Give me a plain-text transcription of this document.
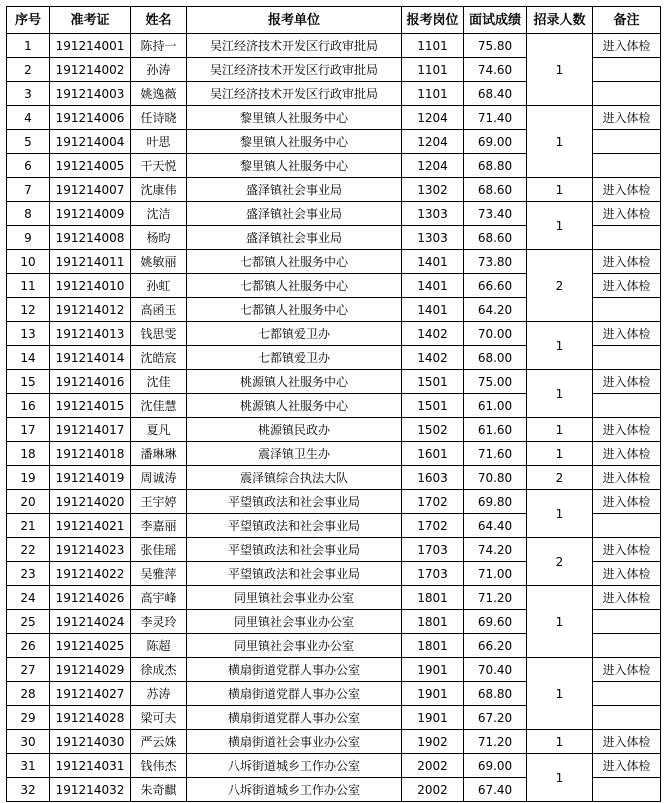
序号	准考证	姓名	报考单位	报考岗位	面试成绩	招录人数	备注
1	191214001	陈持一	吴江经济技术开发区行政审批局	1101	75.80	1	进入体检
2	191214002	孙涛	吴江经济技术开发区行政审批局	1101	74.60		
3	191214003	姚逸薇	吴江经济技术开发区行政审批局	1101	68.40		
4	191214006	任诗晓	黎里镇人社服务中心	1204	71.40	1	进入体检
5	191214004	叶思	黎里镇人社服务中心	1204	69.00		
6	191214005	干天悦	黎里镇人社服务中心	1204	68.80		
7	191214007	沈康伟	盛泽镇社会事业局	1302	68.60	1	进入体检
8	191214009	沈洁	盛泽镇社会事业局	1303	73.40	1	进入体检
9	191214008	杨昀	盛泽镇社会事业局	1303	68.60		
10	191214011	姚敏丽	七都镇人社服务中心	1401	73.80	2	进入体检
11	191214010	孙虹	七都镇人社服务中心	1401	66.60		进入体检
12	191214012	高函玉	七都镇人社服务中心	1401	64.20		
13	191214013	钱思雯	七都镇爱卫办	1402	70.00	1	进入体检
14	191214014	沈皓宸	七都镇爱卫办	1402	68.00		
15	191214016	沈佳	桃源镇人社服务中心	1501	75.00	1	进入体检
16	191214015	沈佳慧	桃源镇人社服务中心	1501	61.00		
17	191214017	夏凡	桃源镇民政办	1502	61.60	1	进入体检
18	191214018	潘琳琳	震泽镇卫生办	1601	71.60	1	进入体检
19	191214019	周诚涛	震泽镇综合执法大队	1603	70.80	2	进入体检
20	191214020	王宇婷	平望镇政法和社会事业局	1702	69.80	1	进入体检
21	191214021	李嘉丽	平望镇政法和社会事业局	1702	64.40		
22	191214023	张佳瑶	平望镇政法和社会事业局	1703	74.20	2	进入体检
23	191214022	吴雅萍	平望镇政法和社会事业局	1703	71.00		进入体检
24	191214026	高宇峰	同里镇社会事业办公室	1801	71.20	1	进入体检
25	191214024	李灵玲	同里镇社会事业办公室	1801	69.60		
26	191214025	陈超	同里镇社会事业办公室	1801	66.20		
27	191214029	徐成杰	横扇街道党群人事办公室	1901	70.40	1	进入体检
28	191214027	苏涛	横扇街道党群人事办公室	1901	68.80		
29	191214028	梁可夫	横扇街道党群人事办公室	1901	67.20		
30	191214030	严云姝	横扇街道社会事业办公室	1902	71.20	1	进入体检
31	191214031	钱伟杰	八坼街道城乡工作办公室	2002	69.00	1	进入体检
32	191214032	朱奇麒	八坼街道城乡工作办公室	2002	67.40		
